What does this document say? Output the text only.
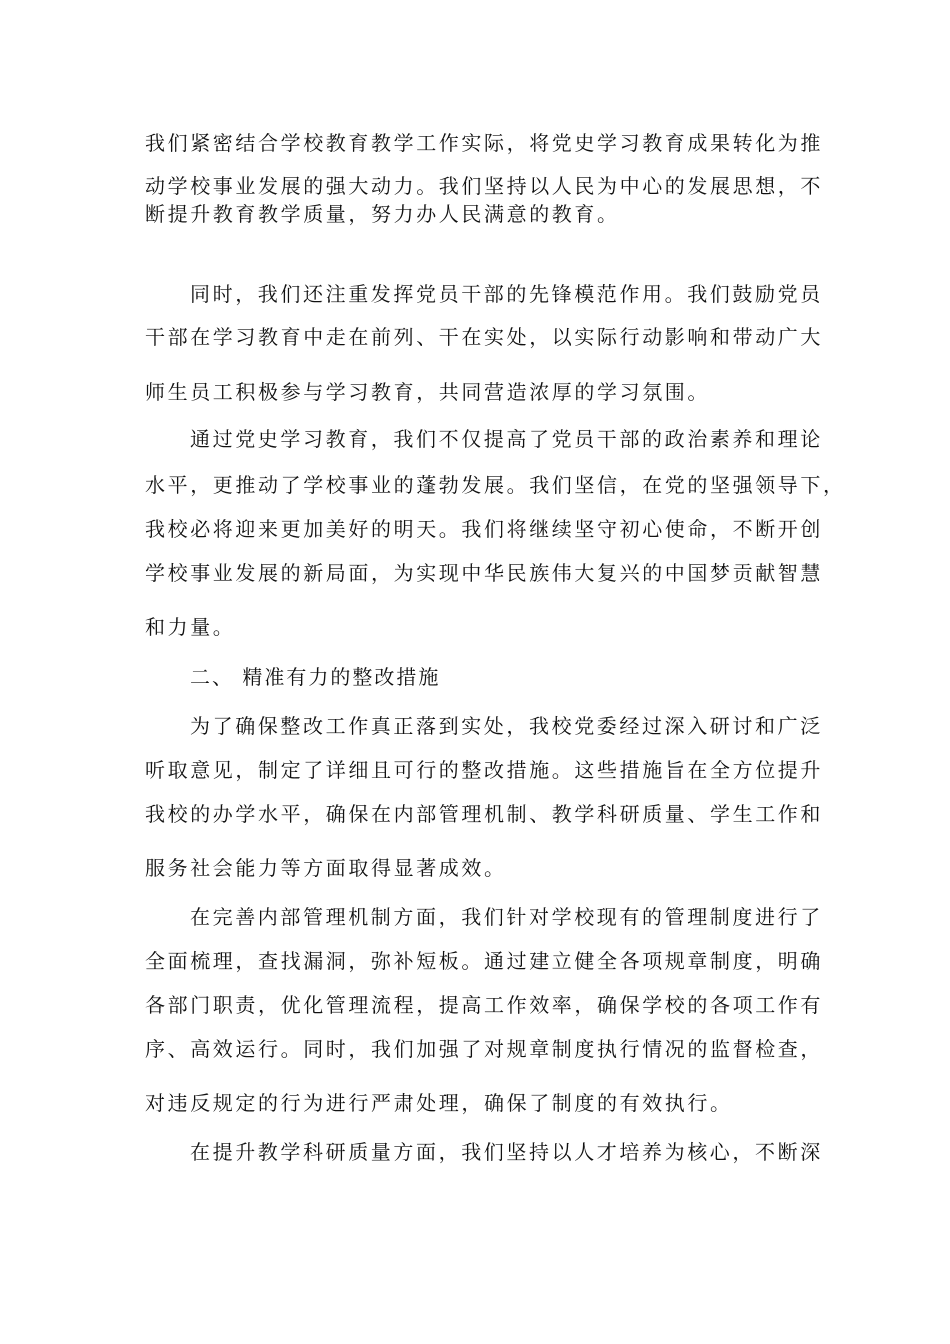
我们紧密结合学校教育教学工作实际，将党史学习教育成果转化为推
动学校事业发展的强大动力。我们坚持以人民为中心的发展思想，不
断提升教育教学质量，努力办人民满意的教育。
同时，我们还注重发挥党员干部的先锋模范作用。我们鼓励党员
干部在学习教育中走在前列、干在实处，以实际行动影响和带动广大
师生员工积极参与学习教育，共同营造浓厚的学习氛围。
通过党史学习教育，我们不仅提高了党员干部的政治素养和理论
水平，更推动了学校事业的蓬勃发展。我们坚信，在党的坚强领导下，
我校必将迎来更加美好的明天。我们将继续坚守初心使命，不断开创
学校事业发展的新局面，为实现中华民族伟大复兴的中国梦贡献智慧
和力量。
二、 精准有力的整改措施
为了确保整改工作真正落到实处，我校党委经过深入研讨和广泛
听取意见，制定了详细且可行的整改措施。这些措施旨在全方位提升
我校的办学水平，确保在内部管理机制、教学科研质量、学生工作和
服务社会能力等方面取得显著成效。
在完善内部管理机制方面，我们针对学校现有的管理制度进行了
全面梳理，查找漏洞，弥补短板。通过建立健全各项规章制度，明确
各部门职责，优化管理流程，提高工作效率，确保学校的各项工作有
序、高效运行。同时，我们加强了对规章制度执行情况的监督检查，
对违反规定的行为进行严肃处理，确保了制度的有效执行。
在提升教学科研质量方面，我们坚持以人才培养为核心，不断深
